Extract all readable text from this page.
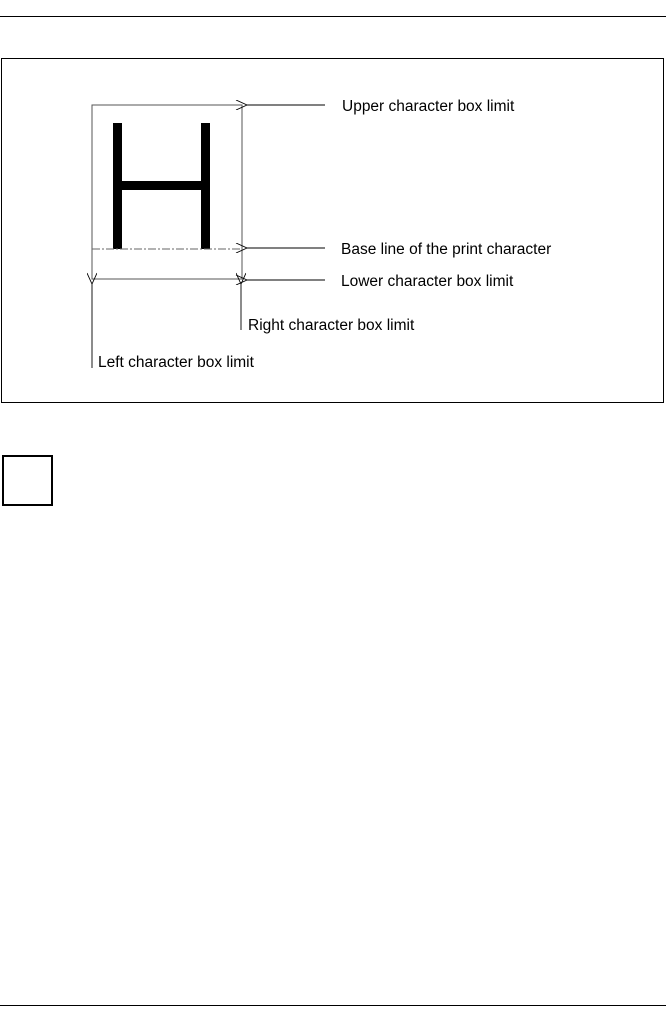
Upper character box limit
Base line of the print character
Lower character box limit
Right character box limit
Left character box limit
